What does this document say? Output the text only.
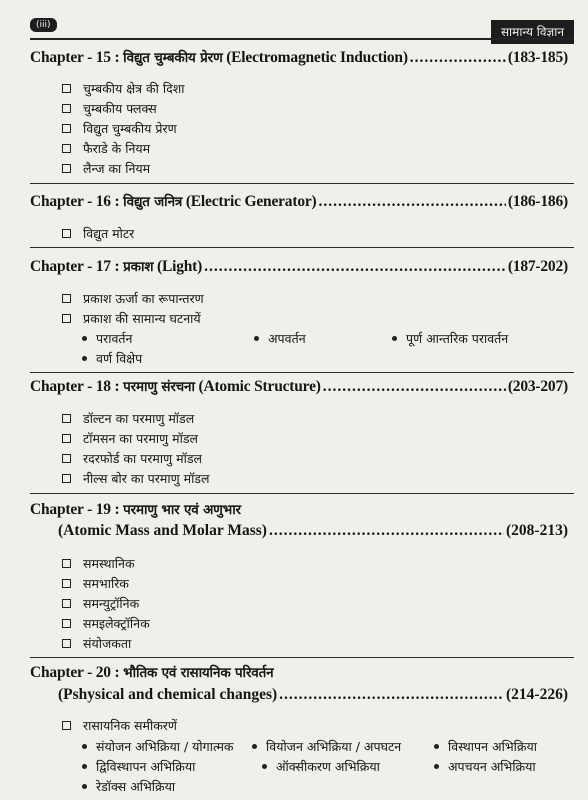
(iii)	सामान्य विज्ञान
Chapter - 15 :
विद्युत चुम्बकीय प्रेरण
(Electromagnetic Induction) .....	(183-185)
चुम्बकीय क्षेत्र की दिशा
चुम्बकीय फ्लक्स
विद्युत चुम्बकीय प्रेरण
फैराडे के नियम
लैन्ज का नियम
Chapter - 16 :
विद्युत जनित्र
(Electric Generator) .....	(186-186)
विद्युत मोटर
Chapter - 17 :
प्रकाश
(Light) .....	(187-202)
प्रकाश ऊर्जा का रूपान्तरण
प्रकाश की सामान्य घटनायें
परावर्तन	अपवर्तन	पूर्ण आन्तरिक परावर्तन
वर्ण विक्षेप
Chapter - 18 :
परमाणु संरचना
(Atomic Structure) .....	(203-207)
डॉल्टन का परमाणु मॉडल
टॉमसन का परमाणु मॉडल
रदरफोर्ड का परमाणु मॉडल
नील्स बोर का परमाणु मॉडल
Chapter - 19 :
परमाणु भार एवं अणुभार
(Atomic Mass and Molar Mass) .....	(208-213)
समस्थानिक
समभारिक
समन्युट्रॉनिक
समइलेक्ट्रॉनिक
संयोजकता
Chapter - 20 :
भौतिक एवं रासायनिक परिवर्तन
(Pshysical and chemical changes) .....	(214-226)
रासायनिक समीकरणें
संयोजन अभिक्रिया / योगात्मक	वियोजन अभिक्रिया / अपघटन	विस्थापन अभिक्रिया
द्विविस्थापन अभिक्रिया	ऑक्सीकरण अभिक्रिया	अपचयन अभिक्रिया
रेडॉक्स अभिक्रिया
